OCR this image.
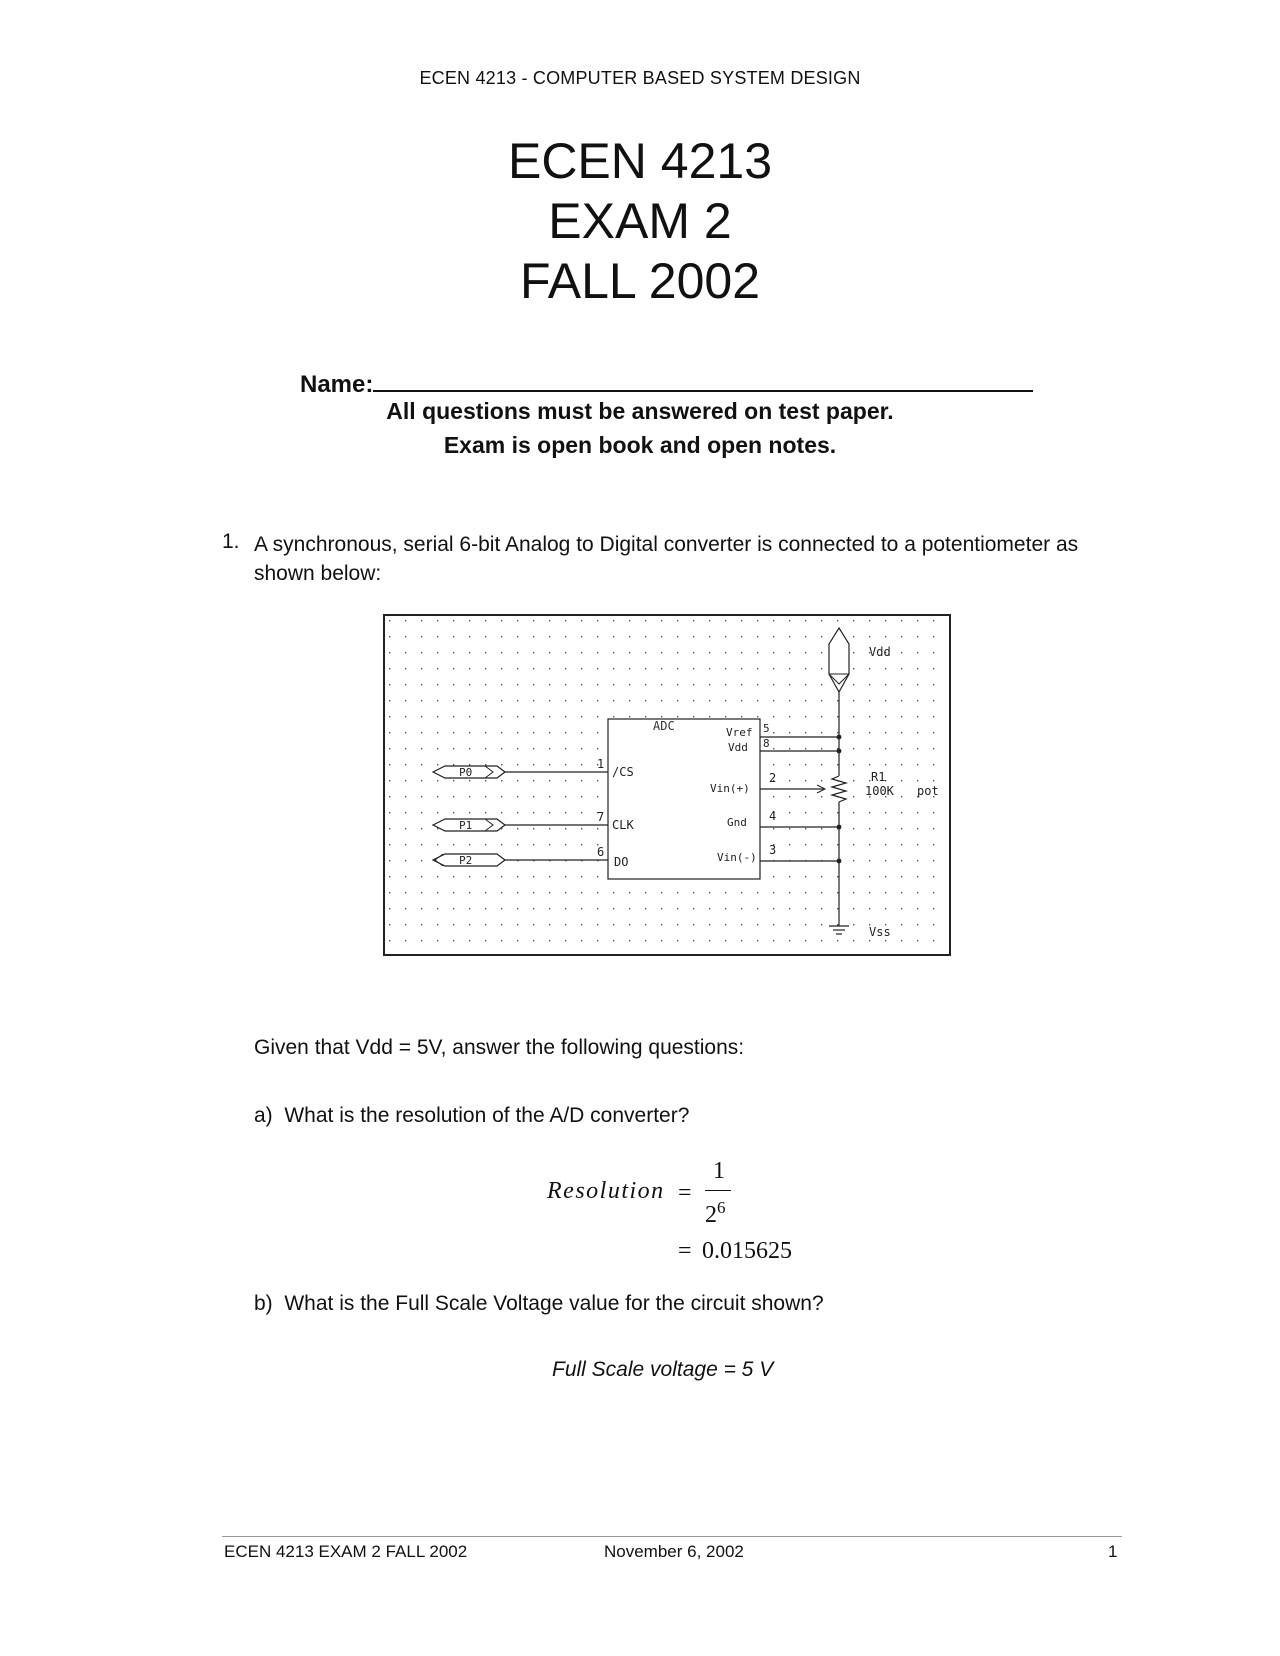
ECEN 4213 - COMPUTER BASED SYSTEM DESIGN
ECEN 4213
EXAM 2
FALL 2002
Name:
All questions must be answered on test paper.
Exam is open book and open notes.
1. A synchronous, serial 6-bit Analog to Digital converter is connected to a potentiometer as shown below:
ADC
1
/CS
7
CLK
6
DO
P0
P1
P2
Vref 5
Vdd 8
Vin(+)
2
Gnd 4
Vin(-)
3
Vdd
R1
100K pot
Vss
Given that Vdd = 5V, answer the following questions:
a) What is the resolution of the A/D converter?
Resolution =
1
$2^6$
= 0.015625
b) What is the Full Scale Voltage value for the circuit shown?
Full Scale voltage = 5 V
ECEN 4213 EXAM 2 FALL 2002	November 6, 2002	1
